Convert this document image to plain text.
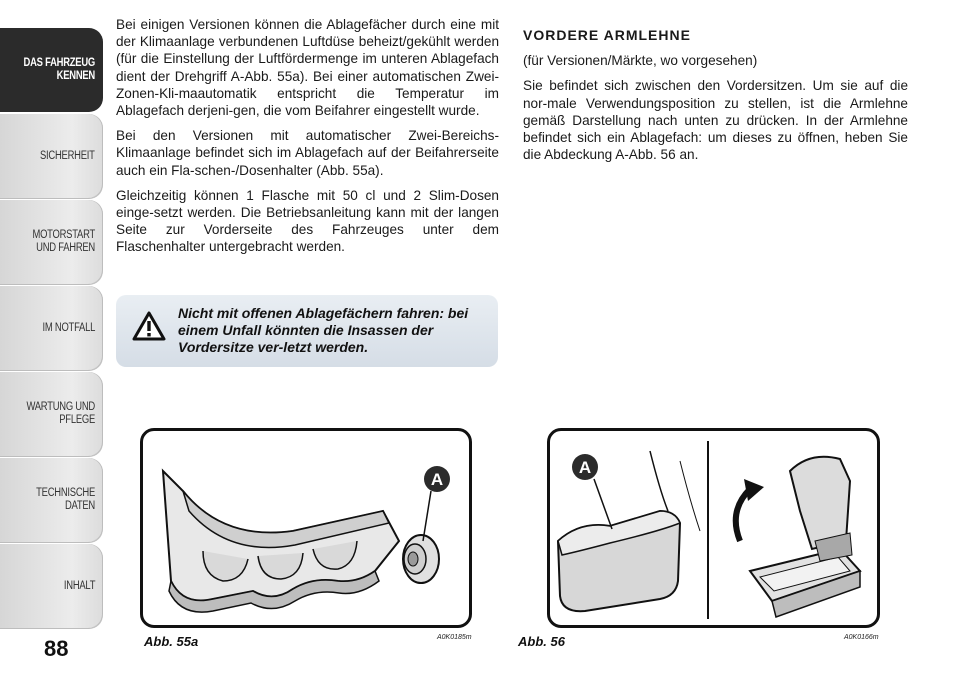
DAS FAHRZEUG KENNEN
SICHERHEIT
MOTORSTART UND FAHREN
IM NOTFALL
WARTUNG UND PFLEGE
TECHNISCHE DATEN
INHALT
88

Bei einigen Versionen können die Ablagefächer durch eine mit der Klimaanlage verbundenen Luftdüse beheizt/gekühlt werden (für die Einstellung der Luftfördermenge im unteren Ablagefach dient der Drehgriff A-Abb. 55a). Bei einer automatischen Zwei-Zonen-Kli-maautomatik entspricht die Temperatur im Ablagefach derjeni-gen, die vom Beifahrer eingestellt wurde.

Bei den Versionen mit automatischer Zwei-Bereichs-Klimaanlage befindet sich im Ablagefach auf der Beifahrerseite auch ein Fla-schen-/Dosenhalter (Abb. 55a).

Gleichzeitig können 1 Flasche mit 50 cl und 2 Slim-Dosen einge-setzt werden. Die Betriebsanleitung kann mit der langen Seite zur Vorderseite des Fahrzeuges unter dem Flaschenhalter untergebracht werden.

Nicht mit offenen Ablagefächern fahren: bei einem Unfall könnten die Insassen der Vordersitze ver-letzt werden.

VORDERE ARMLEHNE

(für Versionen/Märkte, wo vorgesehen)

Sie befindet sich zwischen den Vordersitzen. Um sie auf die nor-male Verwendungsposition zu stellen, ist die Armlehne gemäß Darstellung nach unten zu drücken. In der Armlehne befindet sich ein Ablagefach: um dieses zu öffnen, heben Sie die Abdeckung A-Abb. 56 an.

A
Abb. 55a	A0K0185m
A
Abb. 56	A0K0166m
